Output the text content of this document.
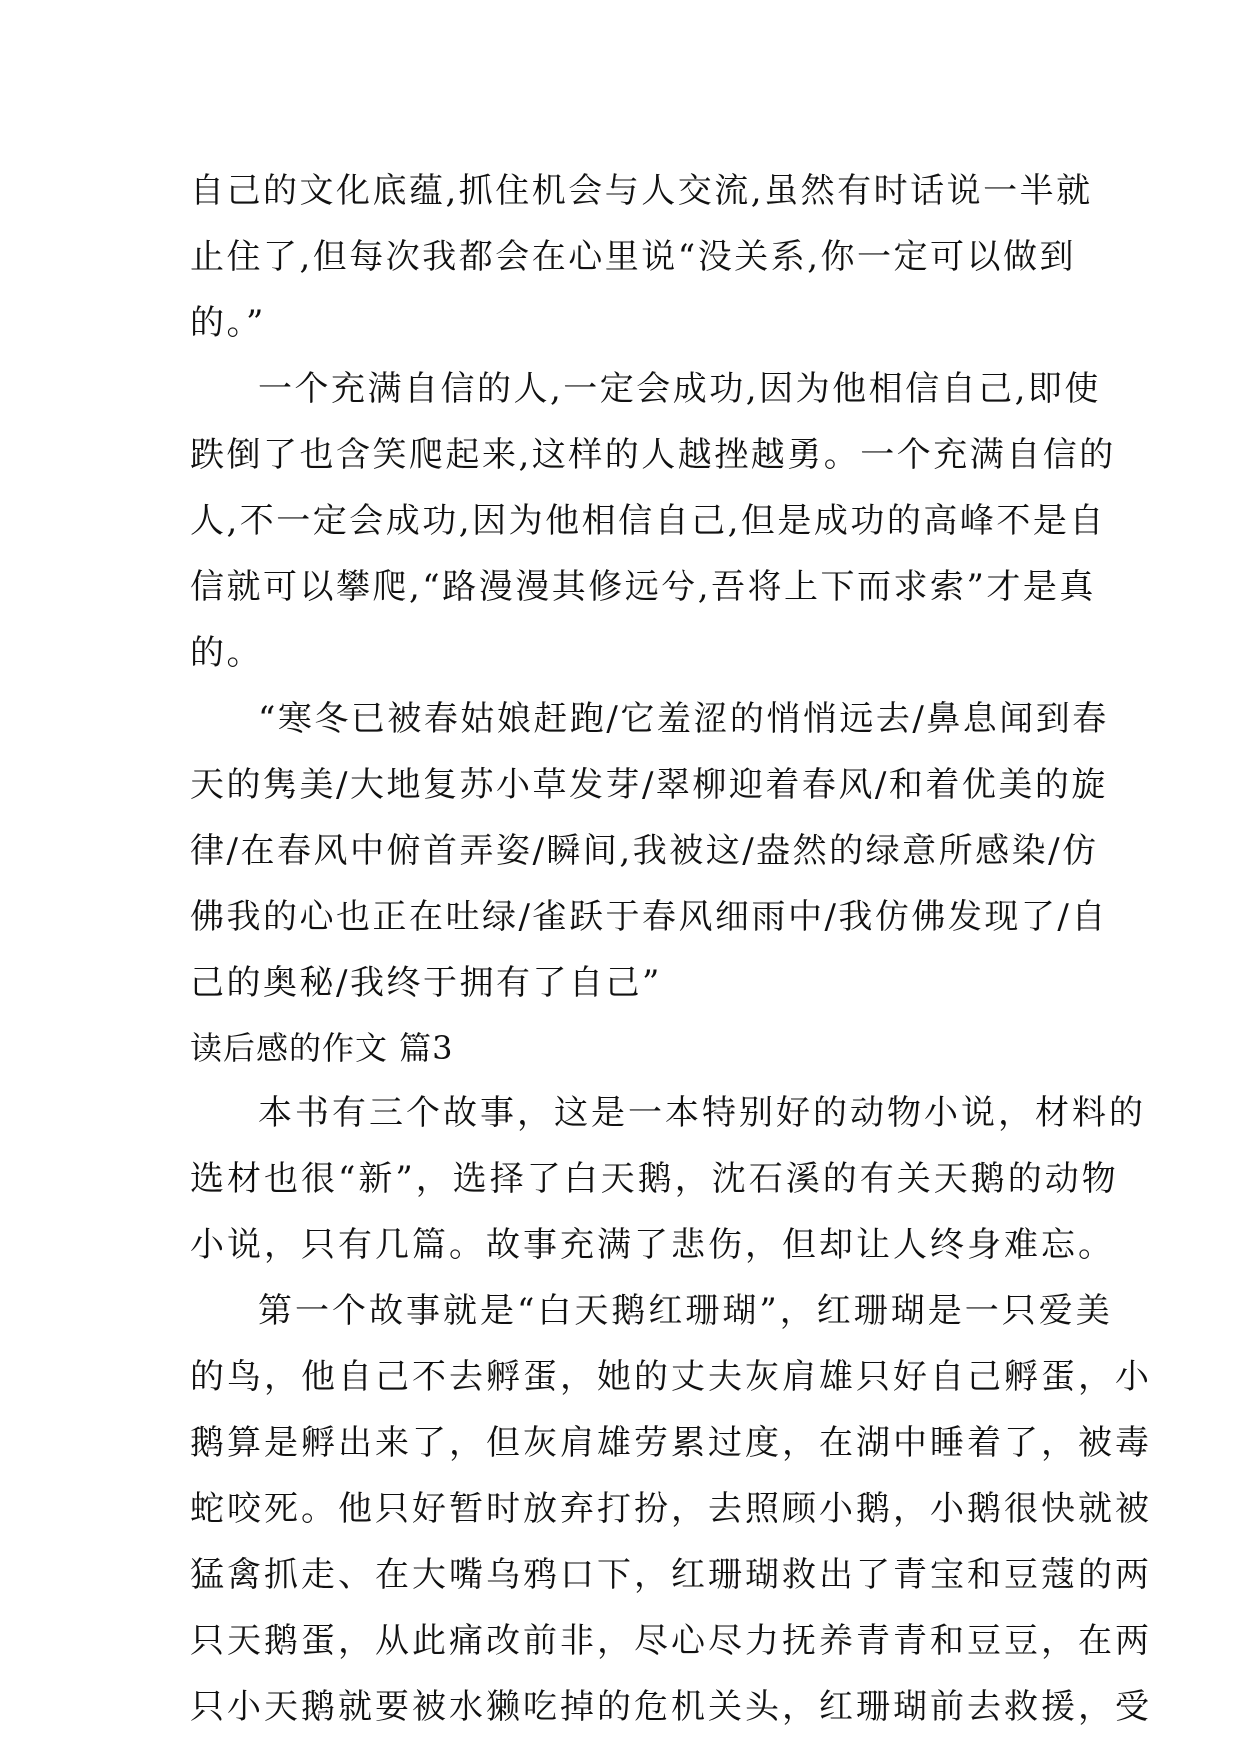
自己的文化底蕴,抓住机会与人交流,虽然有时话说一半就
止住了,但每次我都会在心里说“没关系,你一定可以做到
的。”
一个充满自信的人,一定会成功,因为他相信自己,即使
跌倒了也含笑爬起来,这样的人越挫越勇。一个充满自信的
人,不一定会成功,因为他相信自己,但是成功的高峰不是自
信就可以攀爬,“路漫漫其修远兮,吾将上下而求索”才是真
的。
“寒冬已被春姑娘赶跑/它羞涩的悄悄远去/鼻息闻到春
天的隽美/大地复苏小草发芽/翠柳迎着春风/和着优美的旋
律/在春风中俯首弄姿/瞬间,我被这/盎然的绿意所感染/仿
佛我的心也正在吐绿/雀跃于春风细雨中/我仿佛发现了/自
己的奥秘/我终于拥有了自己”
读后感的作文 篇3
本书有三个故事，这是一本特别好的动物小说，材料的
选材也很“新”，选择了白天鹅，沈石溪的有关天鹅的动物
小说，只有几篇。故事充满了悲伤，但却让人终身难忘。
第一个故事就是“白天鹅红珊瑚”，红珊瑚是一只爱美
的鸟，他自己不去孵蛋，她的丈夫灰肩雄只好自己孵蛋，小
鹅算是孵出来了，但灰肩雄劳累过度，在湖中睡着了，被毒
蛇咬死。他只好暂时放弃打扮，去照顾小鹅，小鹅很快就被
猛禽抓走、在大嘴乌鸦口下，红珊瑚救出了青宝和豆蔻的两
只天鹅蛋，从此痛改前非，尽心尽力抚养青青和豆豆，在两
只小天鹅就要被水獭吃掉的危机关头，红珊瑚前去救援，受
